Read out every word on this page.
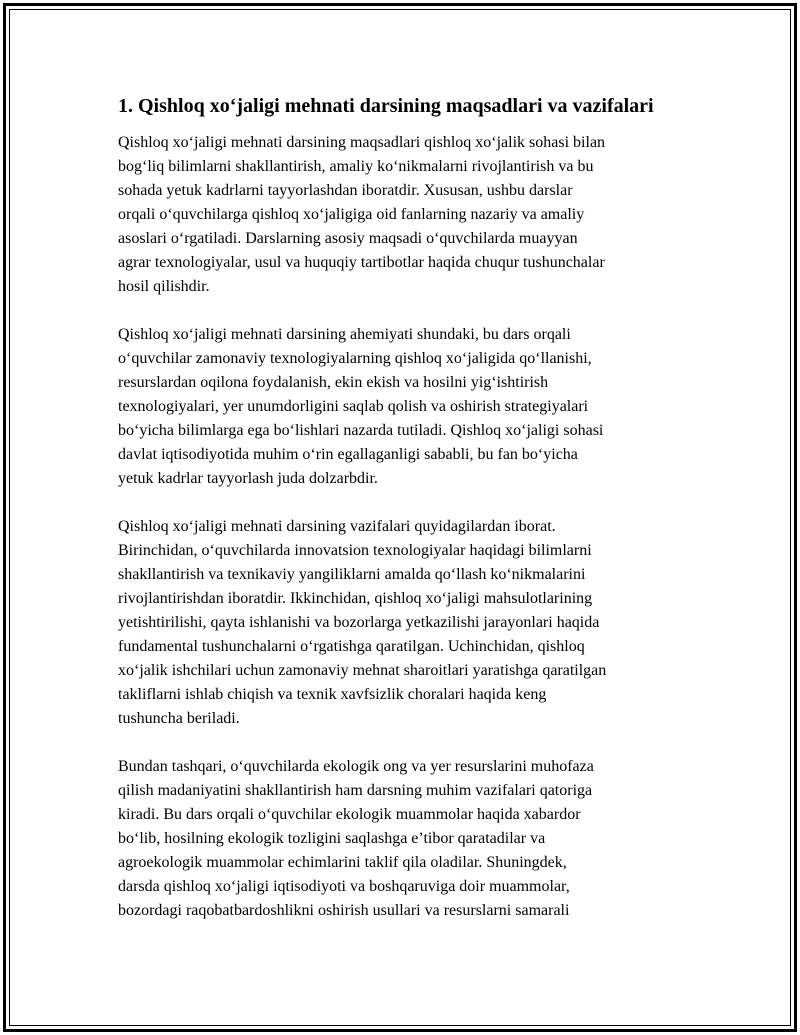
1. Qishloq xo‘jaligi mehnati darsining maqsadlari va vazifalari

Qishloq xo‘jaligi mehnati darsining maqsadlari qishloq xo‘jalik sohasi bilan
bog‘liq bilimlarni shakllantirish, amaliy ko‘nikmalarni rivojlantirish va bu
sohada yetuk kadrlarni tayyorlashdan iboratdir. Xususan, ushbu darslar
orqali o‘quvchilarga qishloq xo‘jaligiga oid fanlarning nazariy va amaliy
asoslari o‘rgatiladi. Darslarning asosiy maqsadi o‘quvchilarda muayyan
agrar texnologiyalar, usul va huquqiy tartibotlar haqida chuqur tushunchalar
hosil qilishdir.

Qishloq xo‘jaligi mehnati darsining ahemiyati shundaki, bu dars orqali
o‘quvchilar zamonaviy texnologiyalarning qishloq xo‘jaligida qo‘llanishi,
resurslardan oqilona foydalanish, ekin ekish va hosilni yig‘ishtirish
texnologiyalari, yer unumdorligini saqlab qolish va oshirish strategiyalari
bo‘yicha bilimlarga ega bo‘lishlari nazarda tutiladi. Qishloq xo‘jaligi sohasi
davlat iqtisodiyotida muhim o‘rin egallaganligi sababli, bu fan bo‘yicha
yetuk kadrlar tayyorlash juda dolzarbdir.

Qishloq xo‘jaligi mehnati darsining vazifalari quyidagilardan iborat.
Birinchidan, o‘quvchilarda innovatsion texnologiyalar haqidagi bilimlarni
shakllantirish va texnikaviy yangiliklarni amalda qo‘llash ko‘nikmalarini
rivojlantirishdan iboratdir. Ikkinchidan, qishloq xo‘jaligi mahsulotlarining
yetishtirilishi, qayta ishlanishi va bozorlarga yetkazilishi jarayonlari haqida
fundamental tushunchalarni o‘rgatishga qaratilgan. Uchinchidan, qishloq
xo‘jalik ishchilari uchun zamonaviy mehnat sharoitlari yaratishga qaratilgan
takliflarni ishlab chiqish va texnik xavfsizlik choralari haqida keng
tushuncha beriladi.

Bundan tashqari, o‘quvchilarda ekologik ong va yer resurslarini muhofaza
qilish madaniyatini shakllantirish ham darsning muhim vazifalari qatoriga
kiradi. Bu dars orqali o‘quvchilar ekologik muammolar haqida xabardor
bo‘lib, hosilning ekologik tozligini saqlashga e’tibor qaratadilar va
agroekologik muammolar echimlarini taklif qila oladilar. Shuningdek,
darsda qishloq xo‘jaligi iqtisodiyoti va boshqaruviga doir muammolar,
bozordagi raqobatbardoshlikni oshirish usullari va resurslarni samarali
